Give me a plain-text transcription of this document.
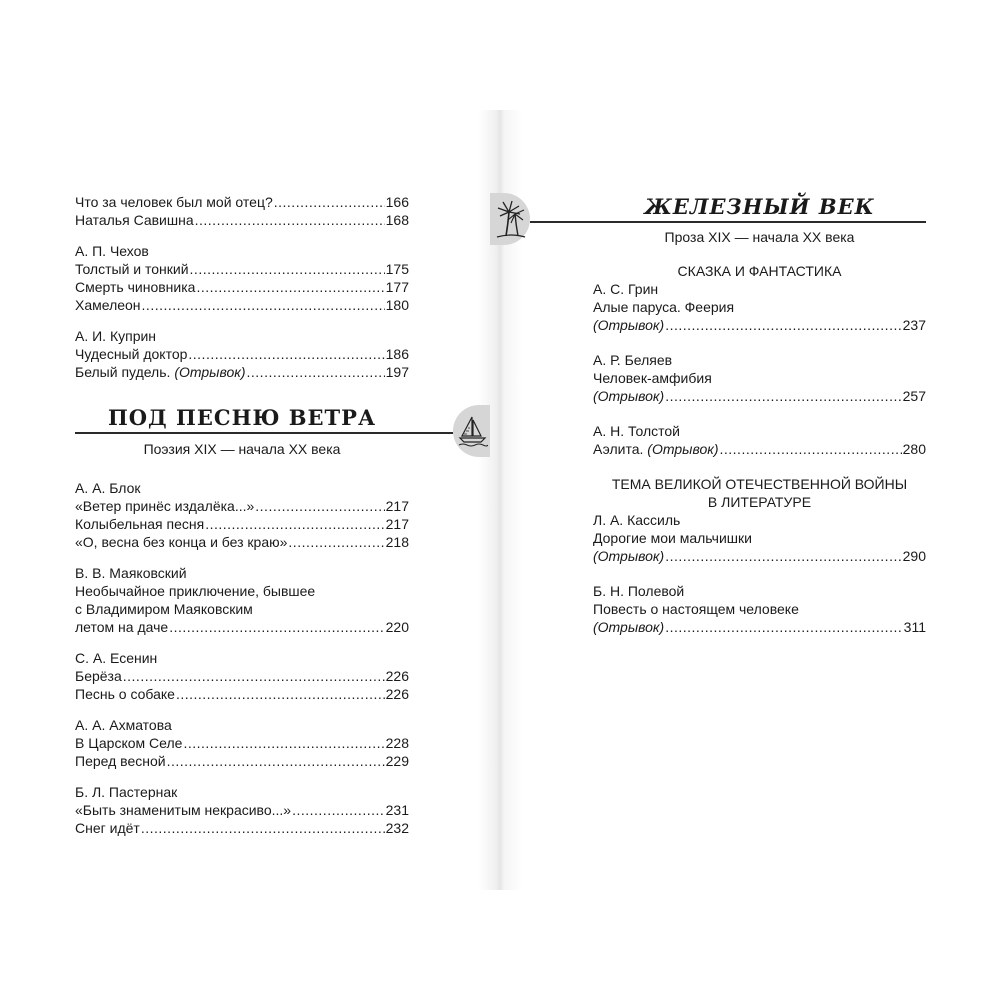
Что за человек был мой отец? .....	166
Наталья Савишна .....	168
А. П. Чехов
Толстый и тонкий .....	175
Смерть чиновника .....	177
Хамелеон .....	180
А. И. Куприн
Чудесный доктор .....	186
Белый пудель. (Отрывок) .....	197
ПОД ПЕСНЮ ВЕТРА
Поэзия XIX — начала XX века
А. А. Блок
«Ветер принёс издалёка...» .....	217
Колыбельная песня .....	217
«О, весна без конца и без краю» .....	218
В. В. Маяковский
Необычайное приключение, бывшее
с Владимиром Маяковским
летом на даче .....	220
С. А. Есенин
Берёза .....	226
Песнь о собаке .....	226
А. А. Ахматова
В Царском Селе .....	228
Перед весной .....	229
Б. Л. Пастернак
«Быть знаменитым некрасиво...» .....	231
Снег идёт .....	232
ЖЕЛЕЗНЫЙ ВЕК
Проза XIX — начала XX века
СКАЗКА И ФАНТАСТИКА
А. С. Грин
Алые паруса. Феерия
(Отрывок) .....	237
А. Р. Беляев
Человек-амфибия
(Отрывок) .....	257
А. Н. Толстой
Аэлита. (Отрывок) .....	280
ТЕМА ВЕЛИКОЙ ОТЕЧЕСТВЕННОЙ ВОЙНЫ
В ЛИТЕРАТУРЕ
Л. А. Кассиль
Дорогие мои мальчишки
(Отрывок) .....	290
Б. Н. Полевой
Повесть о настоящем человеке
(Отрывок) .....	311
